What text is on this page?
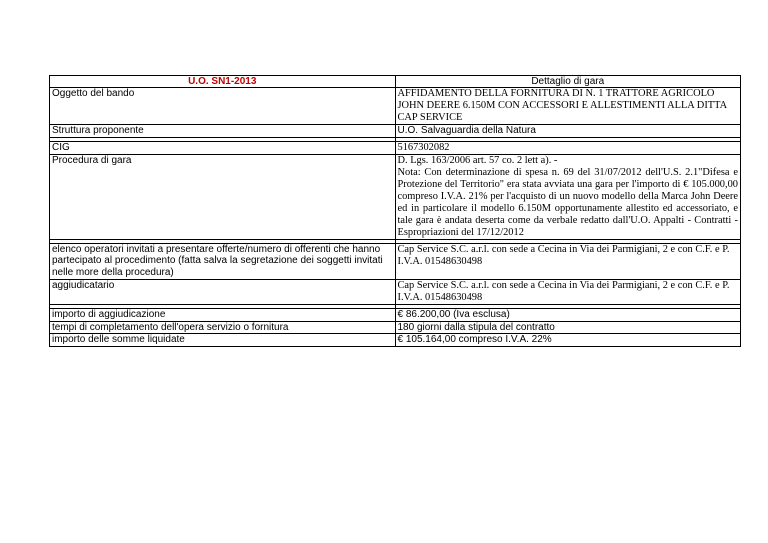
U.O. SN1-2013	Dettaglio di gara
Oggetto del bando	AFFIDAMENTO DELLA FORNITURA DI N. 1 TRATTORE AGRICOLO JOHN DEERE 6.150M CON ACCESSORI E ALLESTIMENTI ALLA DITTA CAP SERVICE
Struttura proponente	U.O. Salvaguardia della Natura

CIG	5167302082
Procedura di gara	D. Lgs. 163/2006 art. 57 co. 2 lett a). -
Nota: Con determinazione di spesa n. 69 del 31/07/2012 dell'U.S. 2.1"Difesa e Protezione del Territorio" era stata avviata una gara per l'importo di € 105.000,00 compreso I.V.A. 21% per l'acquisto di un nuovo modello della Marca John Deere ed in particolare il modello 6.150M opportunamente allestito ed accessoriato, e tale gara è andata deserta come da verbale redatto dall'U.O. Appalti - Contratti - Espropriazioni del 17/12/2012

elenco operatori invitati a presentare offerte/numero di offerenti che hanno partecipato al procedimento (fatta salva la segretazione dei soggetti invitati nelle more della procedura)	Cap Service S.C. a.r.l. con sede a Cecina in Via dei Parmigiani, 2 e con C.F. e P. I.V.A. 01548630498
aggiudicatario	Cap Service S.C. a.r.l. con sede a Cecina in Via dei Parmigiani, 2 e con C.F. e P. I.V.A. 01548630498

importo di aggiudicazione	€ 86.200,00 (Iva esclusa)
tempi di completamento dell'opera servizio o fornitura	180 giorni dalla stipula del contratto
importo delle somme liquidate	€ 105.164,00 compreso I.V.A. 22%
